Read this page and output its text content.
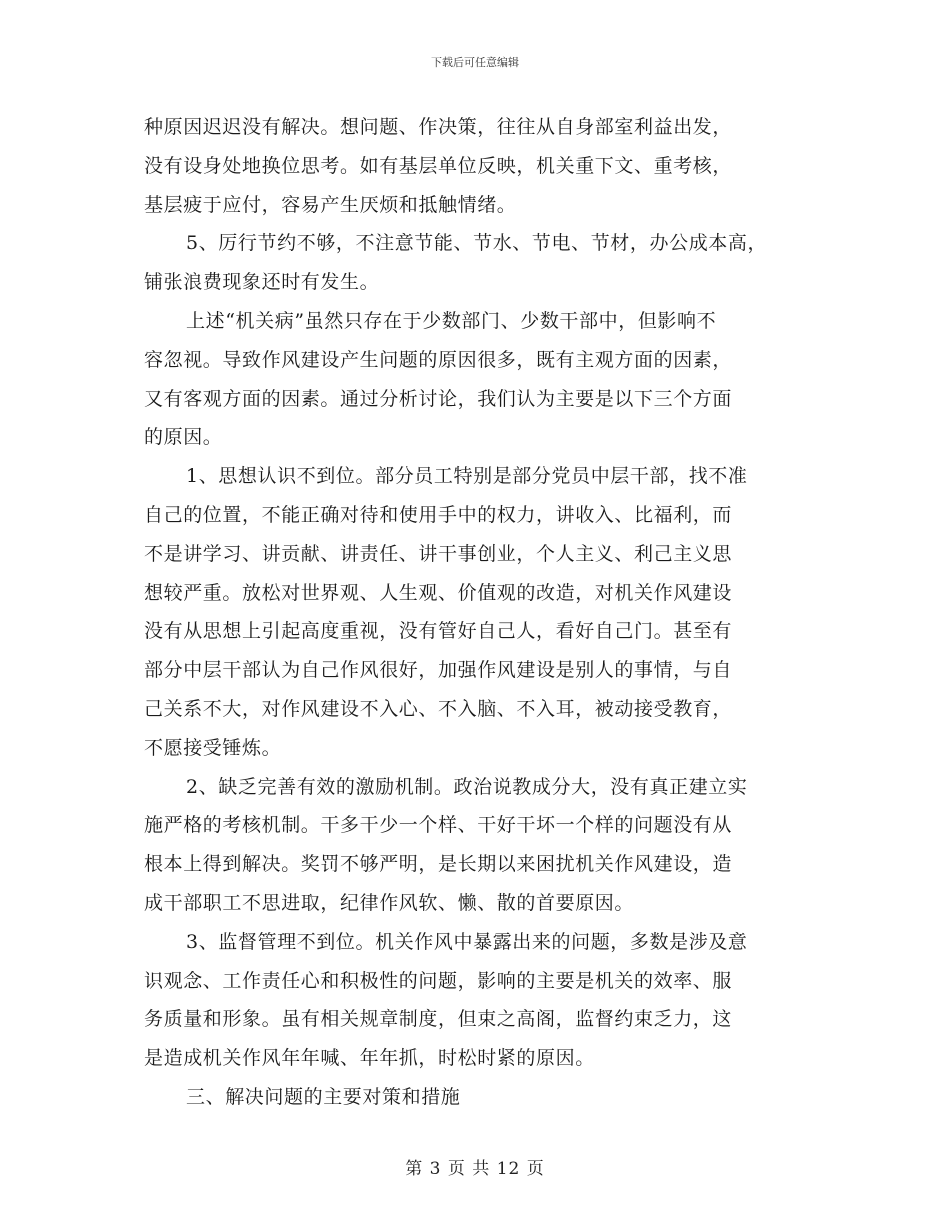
下载后可任意编辑
种原因迟迟没有解决。想问题、作决策，往往从自身部室利益出发，
没有设身处地换位思考。如有基层单位反映，机关重下文、重考核，
基层疲于应付，容易产生厌烦和抵触情绪。
5、厉行节约不够，不注意节能、节水、节电、节材，办公成本高，
铺张浪费现象还时有发生。
上述“机关病”虽然只存在于少数部门、少数干部中，但影响不
容忽视。导致作风建设产生问题的原因很多，既有主观方面的因素，
又有客观方面的因素。通过分析讨论，我们认为主要是以下三个方面
的原因。
1、思想认识不到位。部分员工特别是部分党员中层干部，找不准
自己的位置，不能正确对待和使用手中的权力，讲收入、比福利，而
不是讲学习、讲贡献、讲责任、讲干事创业，个人主义、利己主义思
想较严重。放松对世界观、人生观、价值观的改造，对机关作风建设
没有从思想上引起高度重视，没有管好自己人，看好自己门。甚至有
部分中层干部认为自己作风很好，加强作风建设是别人的事情，与自
己关系不大，对作风建设不入心、不入脑、不入耳，被动接受教育，
不愿接受锤炼。
2、缺乏完善有效的激励机制。政治说教成分大，没有真正建立实
施严格的考核机制。干多干少一个样、干好干坏一个样的问题没有从
根本上得到解决。奖罚不够严明，是长期以来困扰机关作风建设，造
成干部职工不思进取，纪律作风软、懒、散的首要原因。
3、监督管理不到位。机关作风中暴露出来的问题，多数是涉及意
识观念、工作责任心和积极性的问题，影响的主要是机关的效率、服
务质量和形象。虽有相关规章制度，但束之高阁，监督约束乏力，这
是造成机关作风年年喊、年年抓，时松时紧的原因。
三、解决问题的主要对策和措施
第 3 页 共 12 页
